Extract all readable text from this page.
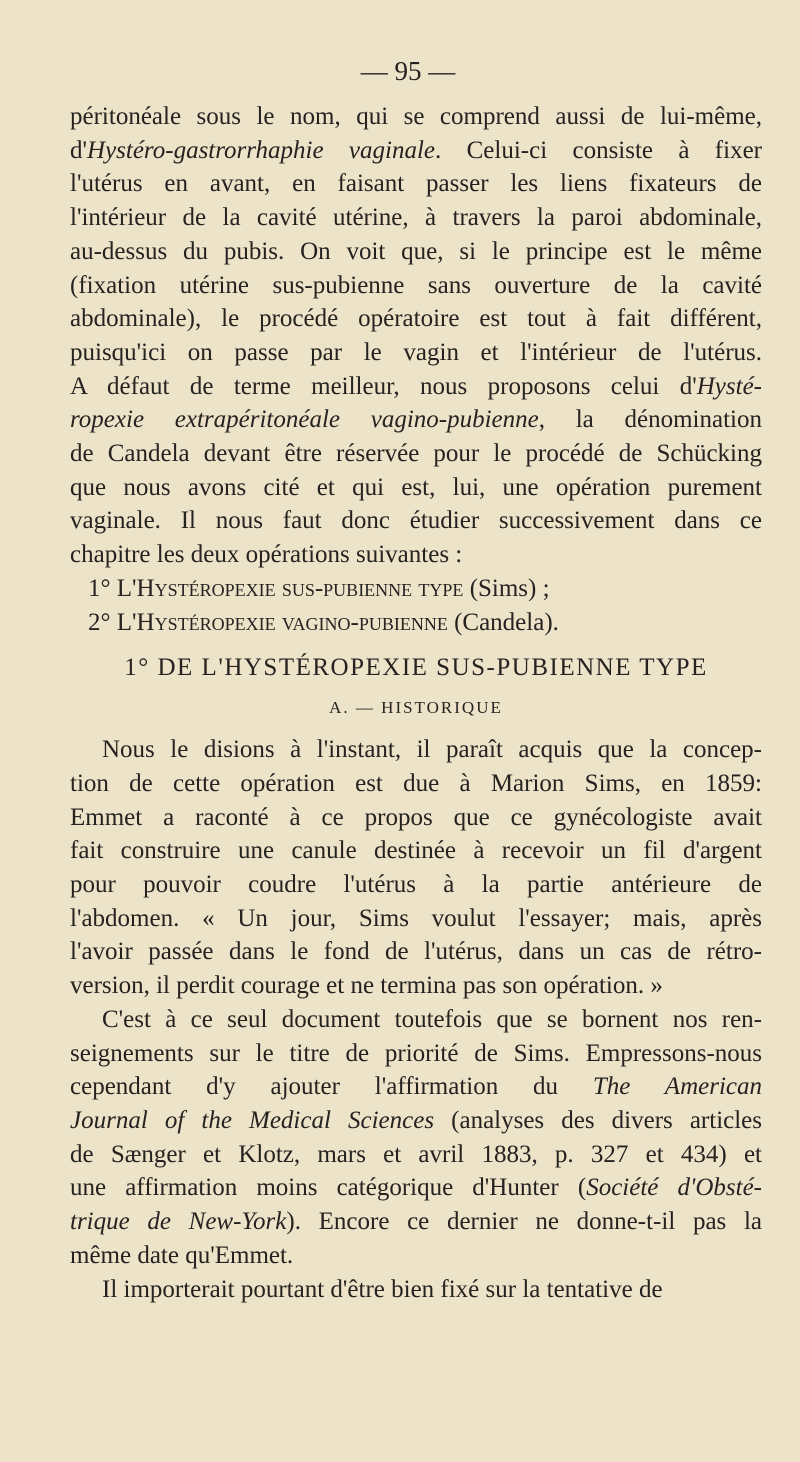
— 95 —

péritonéale sous le nom, qui se comprend aussi de lui-même,
d'Hystéro-gastrorrhaphie vaginale. Celui-ci consiste à fixer
l'utérus en avant, en faisant passer les liens fixateurs de
l'intérieur de la cavité utérine, à travers la paroi abdominale,
au-dessus du pubis. On voit que, si le principe est le même
(fixation utérine sus-pubienne sans ouverture de la cavité
abdominale), le procédé opératoire est tout à fait différent,
puisqu'ici on passe par le vagin et l'intérieur de l'utérus.
A défaut de terme meilleur, nous proposons celui d'Hysté-
ropexie extrapéritonéale vagino-pubienne, la dénomination
de Candela devant être réservée pour le procédé de Schücking
que nous avons cité et qui est, lui, une opération purement
vaginale. Il nous faut donc étudier successivement dans ce
chapitre les deux opérations suivantes :

1° L'Hystéropexie sus-pubienne type (Sims) ;
2° L'Hystéropexie vagino-pubienne (Candela).

1° DE L'HYSTÉROPEXIE SUS-PUBIENNE TYPE
A. — HISTORIQUE

Nous le disions à l'instant, il paraît acquis que la concep-
tion de cette opération est due à Marion Sims, en 1859:
Emmet a raconté à ce propos que ce gynécologiste avait
fait construire une canule destinée à recevoir un fil d'argent
pour pouvoir coudre l'utérus à la partie antérieure de
l'abdomen. « Un jour, Sims voulut l'essayer; mais, après
l'avoir passée dans le fond de l'utérus, dans un cas de rétro-
version, il perdit courage et ne termina pas son opération. »

C'est à ce seul document toutefois que se bornent nos ren-
seignements sur le titre de priorité de Sims. Empressons-nous
cependant d'y ajouter l'affirmation du The American
Journal of the Medical Sciences (analyses des divers articles
de Sænger et Klotz, mars et avril 1883, p. 327 et 434) et
une affirmation moins catégorique d'Hunter (Société d'Obsté-
trique de New-York). Encore ce dernier ne donne-t-il pas la
même date qu'Emmet.

Il importerait pourtant d'être bien fixé sur la tentative de
